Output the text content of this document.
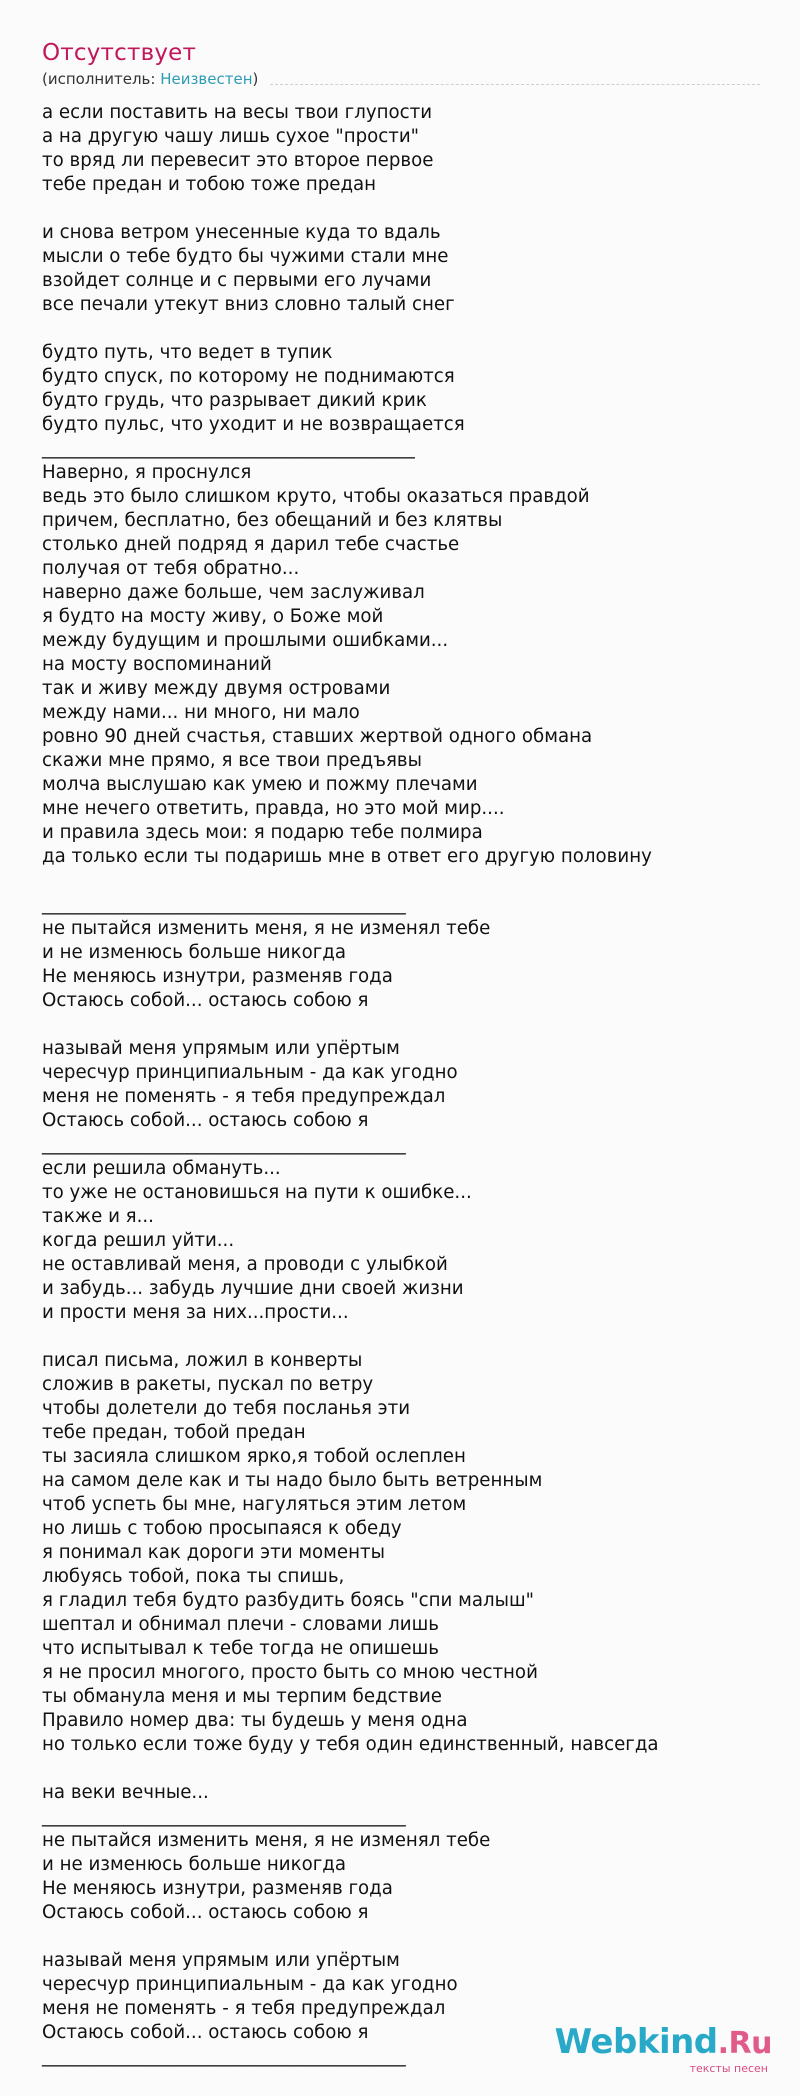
Отсутствует
(исполнитель: Неизвестен)
а если поставить на весы твои глупости
а на другую чашу лишь сухое "прости"
то вряд ли перевесит это второе первое
тебе предан и тобою тоже предан
и снова ветром унесенные куда то вдаль
мысли о тебе будто бы чужими стали мне
взойдет солнце и с первыми его лучами
все печали утекут вниз словно талый снег
будто путь, что ведет в тупик
будто спуск, по которому не поднимаются
будто грудь, что разрывает дикий крик
будто пульс, что уходит и не возвращается
_________________________________________
Наверно, я проснулся
ведь это было слишком круто, чтобы оказаться правдой
причем, бесплатно, без обещаний и без клятвы
столько дней подряд я дарил тебе счастье
получая от тебя обратно...
наверно даже больше, чем заслуживал
я будто на мосту живу, о Боже мой
между будущим и прошлыми ошибками...
на мосту воспоминаний
так и живу между двумя островами
между нами... ни много, ни мало
ровно 90 дней счастья, ставших жертвой одного обмана
скажи мне прямо, я все твои предъявы
молча выслушаю как умею и пожму плечами
мне нечего ответить, правда, но это мой мир....
и правила здесь мои: я подарю тебе полмира
да только если ты подаришь мне в ответ его другую половину
________________________________________
не пытайся изменить меня, я не изменял тебе
и не изменюсь больше никогда
Не меняюсь изнутри, разменяв года
Остаюсь собой... остаюсь собою я
называй меня упрямым или упёртым
чересчур принципиальным - да как угодно
меня не поменять - я тебя предупреждал
Остаюсь собой... остаюсь собою я
________________________________________
если решила обмануть...
то уже не остановишься на пути к ошибке...
также и я...
когда решил уйти...
не оставливай меня, а проводи с улыбкой
и забудь... забудь лучшие дни своей жизни
и прости меня за них...прости...
писал письма, ложил в конверты
сложив в ракеты, пускал по ветру
чтобы долетели до тебя посланья эти
тебе предан, тобой предан
ты засияла слишком ярко,я тобой ослеплен
на самом деле как и ты надо было быть ветренным
чтоб успеть бы мне, нагуляться этим летом
но лишь с тобою просыпаяся к обеду
я понимал как дороги эти моменты
любуясь тобой, пока ты спишь,
я гладил тебя будто разбудить боясь "спи малыш"
шептал и обнимал плечи - словами лишь
что испытывал к тебе тогда не опишешь
я не просил многого, просто быть со мною честной
ты обманула меня и мы терпим бедствие
Правило номер два: ты будешь у меня одна
но только если тоже буду у тебя один единственный, навсегда
на веки вечные...
________________________________________
не пытайся изменить меня, я не изменял тебе
и не изменюсь больше никогда
Не меняюсь изнутри, разменяв года
Остаюсь собой... остаюсь собою я
называй меня упрямым или упёртым
чересчур принципиальным - да как угодно
меня не поменять - я тебя предупреждал
Остаюсь собой... остаюсь собою я
________________________________________	Webkind.Ru
тексты песен
